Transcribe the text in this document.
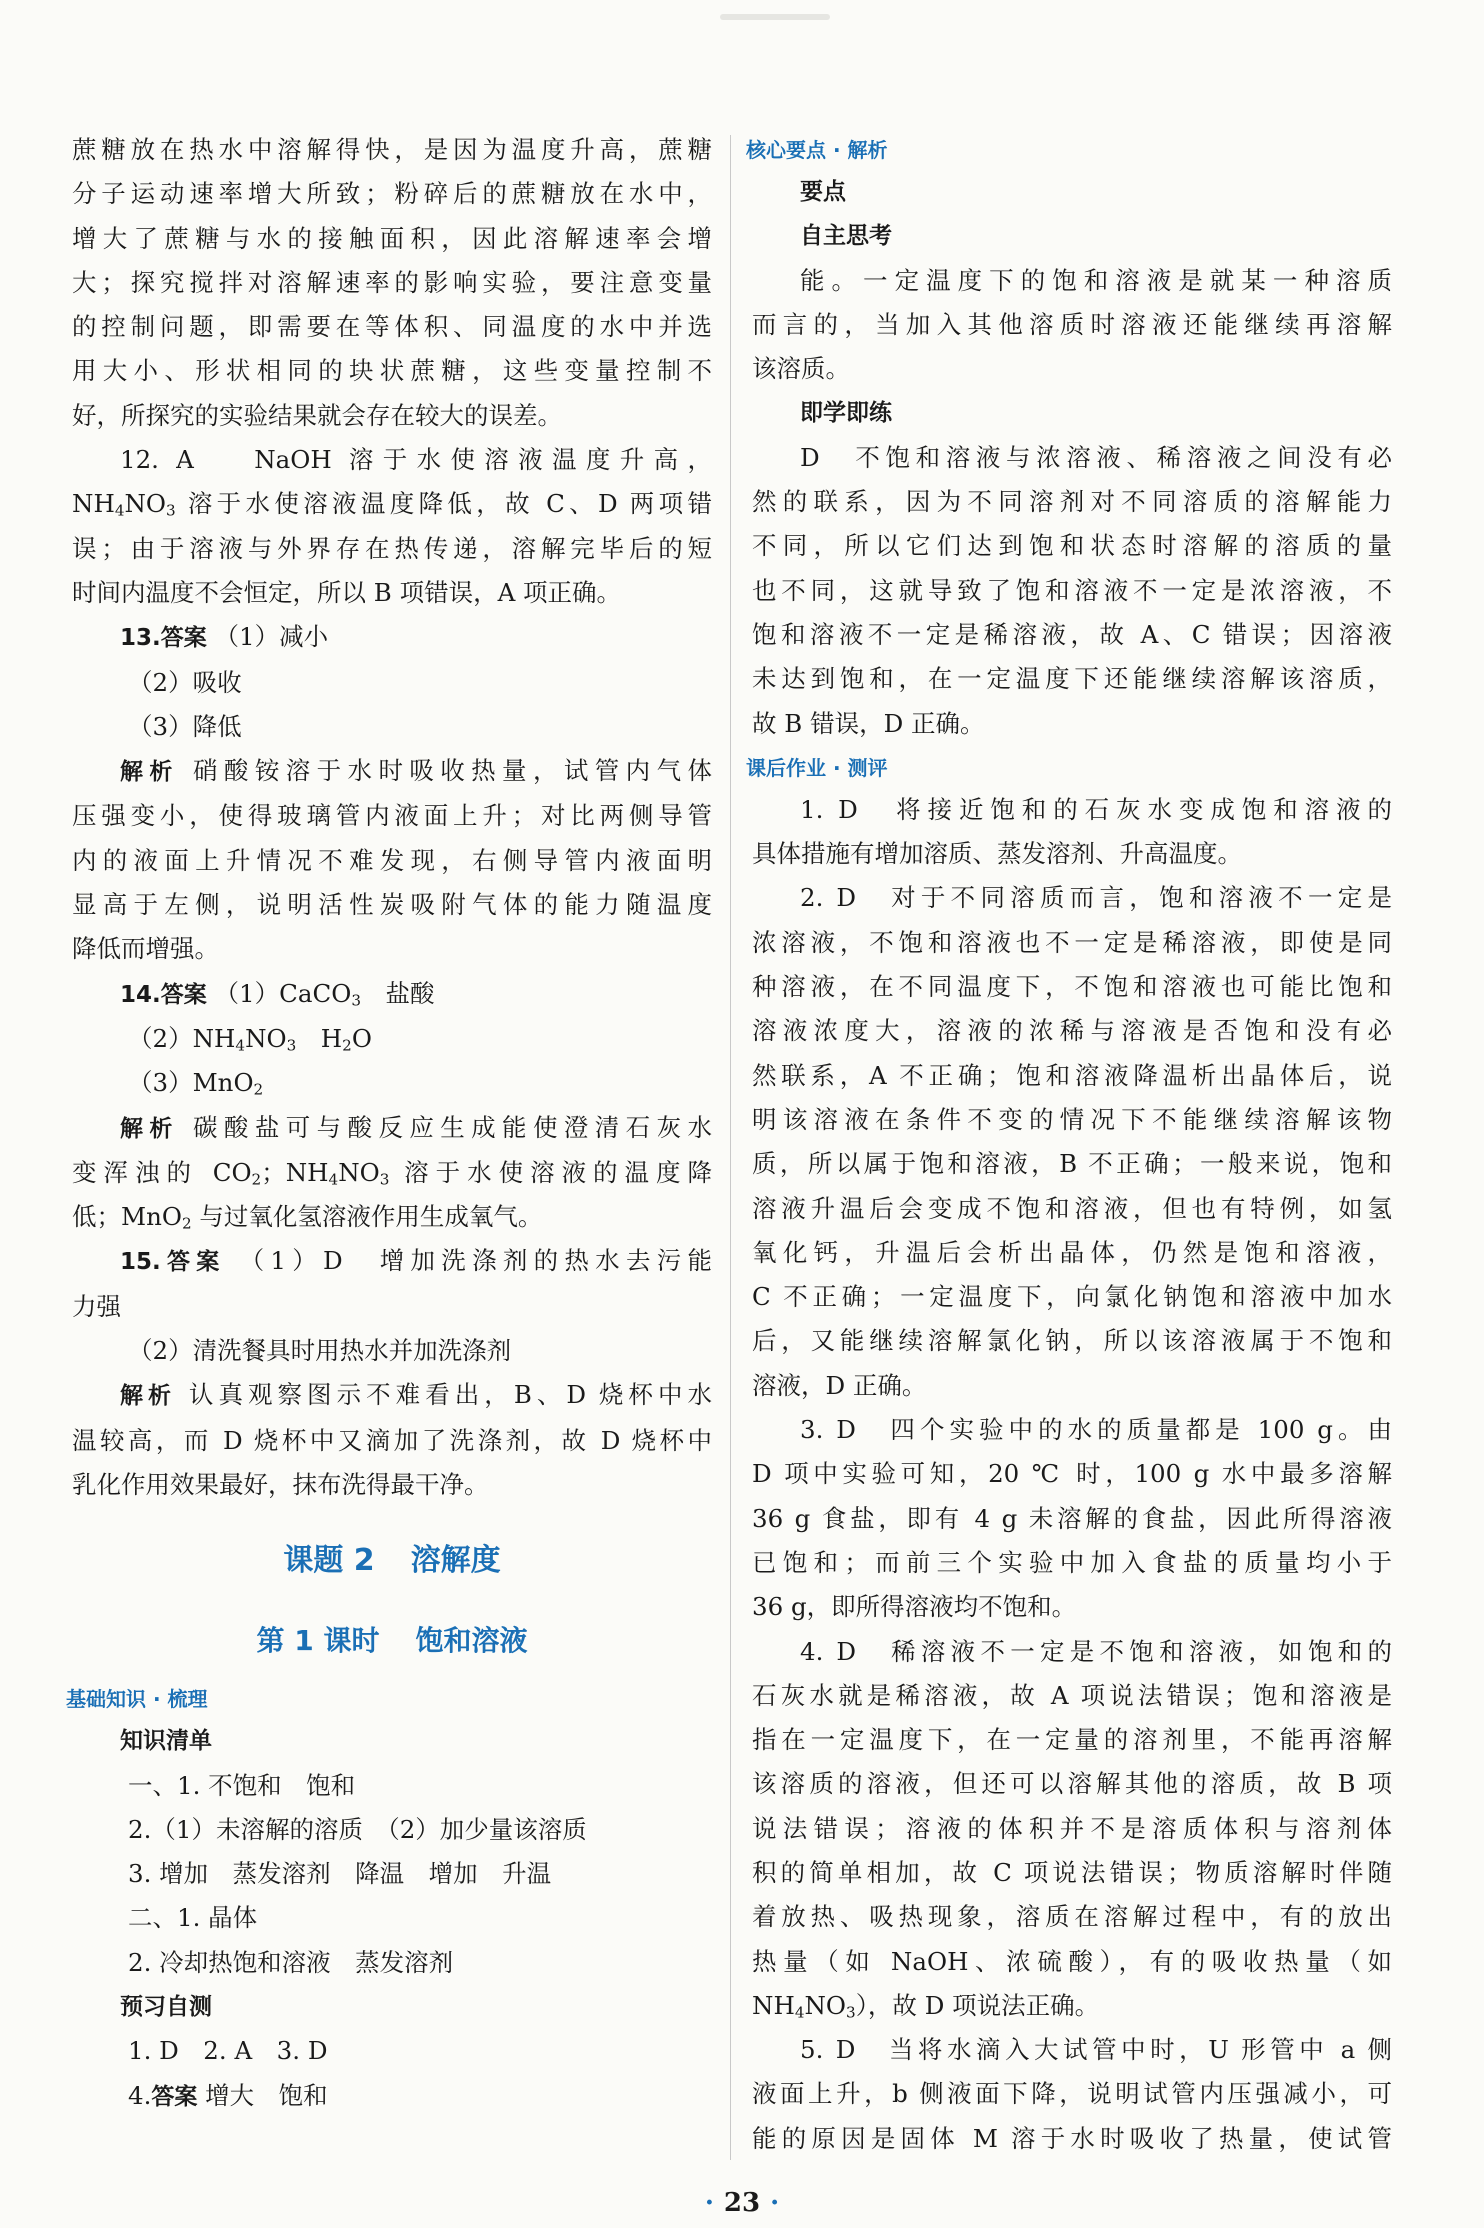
蔗糖放在热水中溶解得快，是因为温度升高，蔗糖

分子运动速率增大所致；粉碎后的蔗糖放在水中，

增大了蔗糖与水的接触面积，因此溶解速率会增

大；探究搅拌对溶解速率的影响实验，要注意变量

的控制问题，即需要在等体积、同温度的水中并选

用大小、形状相同的块状蔗糖，这些变量控制不

好，所探究的实验结果就会存在较大的误差。

12. A　 NaOH 溶于水使溶液温度升高，

$NH_4NO_3$ 溶于水使溶液温度降低，故 C、D 两项错

误；由于溶液与外界存在热传递，溶解完毕后的短

时间内温度不会恒定，所以 B 项错误，A 项正确。

13.答案 （1）减小

（2）吸收

（3）降低

解析 硝酸铵溶于水时吸收热量，试管内气体

压强变小，使得玻璃管内液面上升；对比两侧导管

内的液面上升情况不难发现，右侧导管内液面明

显高于左侧，说明活性炭吸附气体的能力随温度

降低而增强。

14.答案 （1）CaCO$_3$　盐酸

$(2)NH_4NO_3$　$H_2O$

（3）MnO$_2$

解析 碳酸盐可与酸反应生成能使澄清石灰水

变浑浊的 $CO_2$；$NH_4NO_3$ 溶于水使溶液的温度降

低；MnO$_2$ 与过氧化氢溶液作用生成氧气。

15.答案 （1）D　增加洗涤剂的热水去污能

力强

（2）清洗餐具时用热水并加洗涤剂

解析 认真观察图示不难看出，B、D 烧杯中水

温较高，而 D 烧杯中又滴加了洗涤剂，故 D 烧杯中

乳化作用效果最好，抹布洗得最干净。

课题 2 溶解度
第 1 课时 饱和溶液
基础知识 · 梳理
知识清单

一、1. 不饱和　饱和

2.（1）未溶解的溶质　（2）加少量该溶质

3. 增加　蒸发溶剂　降温　增加　升温

二、1. 晶体

2. 冷却热饱和溶液　蒸发溶剂

预习自测

1. D　2. A　3. D

4.答案 增大　饱和

核心要点 · 解析
要点
自主思考

能。一定温度下的饱和溶液是就某一种溶质

而言的，当加入其他溶质时溶液还能继续再溶解

该溶质。

即学即练

D　不饱和溶液与浓溶液、稀溶液之间没有必

然的联系，因为不同溶剂对不同溶质的溶解能力

不同，所以它们达到饱和状态时溶解的溶质的量

也不同，这就导致了饱和溶液不一定是浓溶液，不

饱和溶液不一定是稀溶液，故 A、C 错误；因溶液

未达到饱和，在一定温度下还能继续溶解该溶质，

故 B 错误，D 正确。

课后作业 · 测评

1. D　将接近饱和的石灰水变成饱和溶液的

具体措施有增加溶质、蒸发溶剂、升高温度。

2. D　对于不同溶质而言，饱和溶液不一定是

浓溶液，不饱和溶液也不一定是稀溶液，即使是同

种溶液，在不同温度下，不饱和溶液也可能比饱和

溶液浓度大，溶液的浓稀与溶液是否饱和没有必

然联系，A 不正确；饱和溶液降温析出晶体后，说

明该溶液在条件不变的情况下不能继续溶解该物

质，所以属于饱和溶液，B 不正确；一般来说，饱和

溶液升温后会变成不饱和溶液，但也有特例，如氢

氧化钙，升温后会析出晶体，仍然是饱和溶液，

C 不正确；一定温度下，向氯化钠饱和溶液中加水

后，又能继续溶解氯化钠，所以该溶液属于不饱和

溶液，D 正确。

3. D　四个实验中的水的质量都是 100 g。由

D 项中实验可知，20 ℃ 时，100 g 水中最多溶解

36 g 食盐，即有 4 g 未溶解的食盐，因此所得溶液

已饱和；而前三个实验中加入食盐的质量均小于

36 g，即所得溶液均不饱和。

4. D　稀溶液不一定是不饱和溶液，如饱和的

石灰水就是稀溶液，故 A 项说法错误；饱和溶液是

指在一定温度下，在一定量的溶剂里，不能再溶解

该溶质的溶液，但还可以溶解其他的溶质，故 B 项

说法错误；溶液的体积并不是溶质体积与溶剂体

积的简单相加，故 C 项说法错误；物质溶解时伴随

着放热、吸热现象，溶质在溶解过程中，有的放出

热量（如 NaOH、浓硫酸），有的吸收热量（如

$NH_4NO_3$），故 D 项说法正确。

5. D　当将水滴入大试管中时，U 形管中 a 侧

液面上升，b 侧液面下降，说明试管内压强减小，可

能的原因是固体 M 溶于水时吸收了热量，使试管

· 23 ·
